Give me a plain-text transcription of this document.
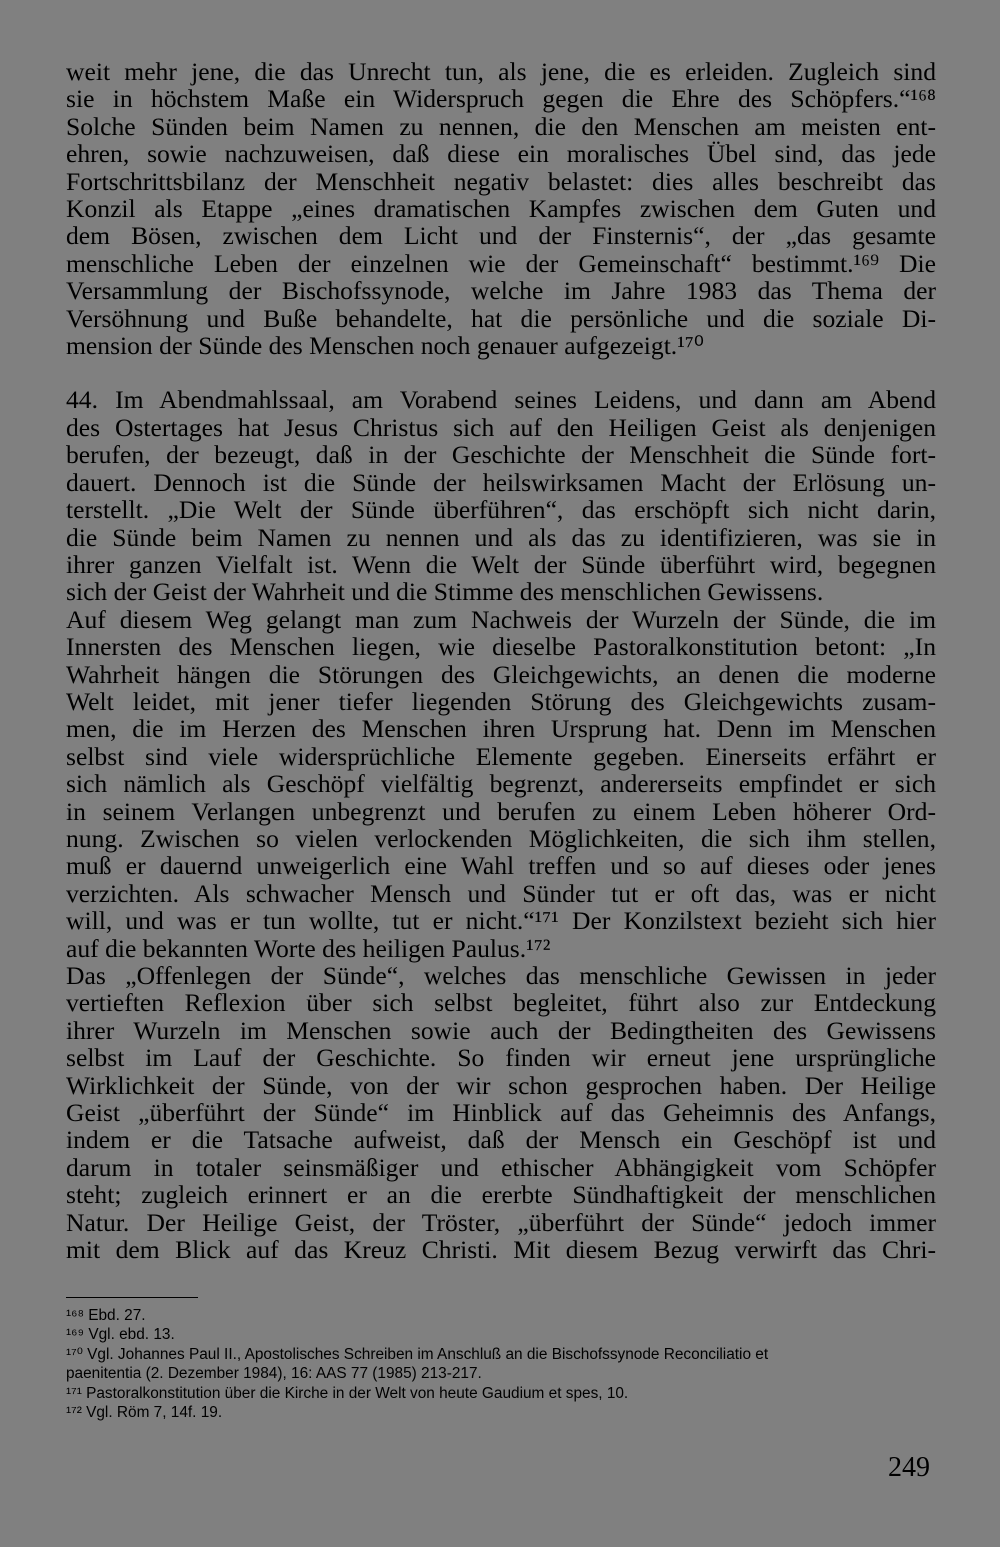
weit mehr jene, die das Unrecht tun, als jene, die es erleiden. Zugleich sind
sie in höchstem Maße ein Widerspruch gegen die Ehre des Schöpfers.“¹⁶⁸
Solche Sünden beim Namen zu nennen, die den Menschen am meisten ent-
ehren, sowie nachzuweisen, daß diese ein moralisches Übel sind, das jede
Fortschrittsbilanz der Menschheit negativ belastet: dies alles beschreibt das
Konzil als Etappe „eines dramatischen Kampfes zwischen dem Guten und
dem Bösen, zwischen dem Licht und der Finsternis“, der „das gesamte
menschliche Leben der einzelnen wie der Gemeinschaft“ bestimmt.¹⁶⁹ Die
Versammlung der Bischofssynode, welche im Jahre 1983 das Thema der
Versöhnung und Buße behandelte, hat die persönliche und die soziale Di-
mension der Sünde des Menschen noch genauer aufgezeigt.¹⁷⁰
44. Im Abendmahlssaal, am Vorabend seines Leidens, und dann am Abend
des Ostertages hat Jesus Christus sich auf den Heiligen Geist als denjenigen
berufen, der bezeugt, daß in der Geschichte der Menschheit die Sünde fort-
dauert. Dennoch ist die Sünde der heilswirksamen Macht der Erlösung un-
terstellt. „Die Welt der Sünde überführen“, das erschöpft sich nicht darin,
die Sünde beim Namen zu nennen und als das zu identifizieren, was sie in
ihrer ganzen Vielfalt ist. Wenn die Welt der Sünde überführt wird, begegnen
sich der Geist der Wahrheit und die Stimme des menschlichen Gewissens.
Auf diesem Weg gelangt man zum Nachweis der Wurzeln der Sünde, die im
Innersten des Menschen liegen, wie dieselbe Pastoralkonstitution betont: „In
Wahrheit hängen die Störungen des Gleichgewichts, an denen die moderne
Welt leidet, mit jener tiefer liegenden Störung des Gleichgewichts zusam-
men, die im Herzen des Menschen ihren Ursprung hat. Denn im Menschen
selbst sind viele widersprüchliche Elemente gegeben. Einerseits erfährt er
sich nämlich als Geschöpf vielfältig begrenzt, andererseits empfindet er sich
in seinem Verlangen unbegrenzt und berufen zu einem Leben höherer Ord-
nung. Zwischen so vielen verlockenden Möglichkeiten, die sich ihm stellen,
muß er dauernd unweigerlich eine Wahl treffen und so auf dieses oder jenes
verzichten. Als schwacher Mensch und Sünder tut er oft das, was er nicht
will, und was er tun wollte, tut er nicht.“¹⁷¹ Der Konzilstext bezieht sich hier
auf die bekannten Worte des heiligen Paulus.¹⁷²
Das „Offenlegen der Sünde“, welches das menschliche Gewissen in jeder
vertieften Reflexion über sich selbst begleitet, führt also zur Entdeckung
ihrer Wurzeln im Menschen sowie auch der Bedingtheiten des Gewissens
selbst im Lauf der Geschichte. So finden wir erneut jene ursprüngliche
Wirklichkeit der Sünde, von der wir schon gesprochen haben. Der Heilige
Geist „überführt der Sünde“ im Hinblick auf das Geheimnis des Anfangs,
indem er die Tatsache aufweist, daß der Mensch ein Geschöpf ist und
darum in totaler seinsmäßiger und ethischer Abhängigkeit vom Schöpfer
steht; zugleich erinnert er an die ererbte Sündhaftigkeit der menschlichen
Natur. Der Heilige Geist, der Tröster, „überführt der Sünde“ jedoch immer
mit dem Blick auf das Kreuz Christi. Mit diesem Bezug verwirft das Chri-
¹⁶⁸ Ebd. 27.
¹⁶⁹ Vgl. ebd. 13.
¹⁷⁰ Vgl. Johannes Paul II., Apostolisches Schreiben im Anschluß an die Bischofssynode Reconciliatio et
paenitentia (2. Dezember 1984), 16: AAS 77 (1985) 213-217.
¹⁷¹ Pastoralkonstitution über die Kirche in der Welt von heute Gaudium et spes, 10.
¹⁷² Vgl. Röm 7, 14f. 19.
249
